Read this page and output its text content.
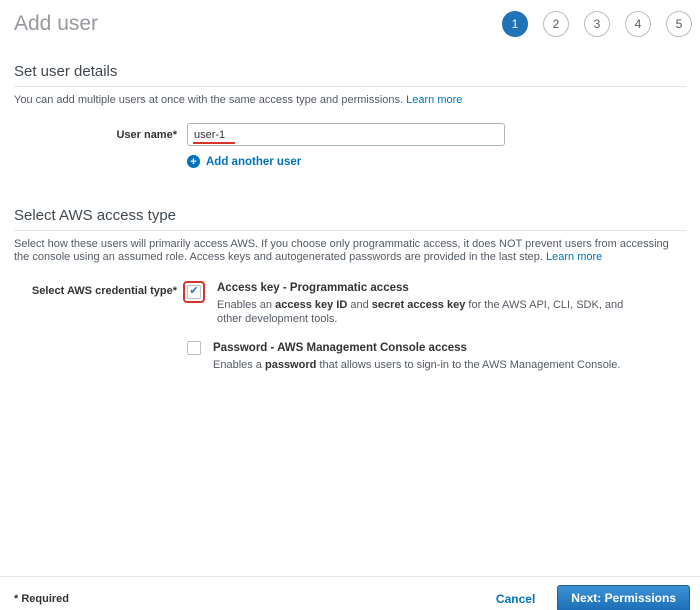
Add user	1	2	3	4	5
Set user details
You can add multiple users at once with the same access type and permissions. Learn more
User name*
user-1
+ Add another user
Select AWS access type
Select how these users will primarily access AWS. If you choose only programmatic access, it does NOT prevent users from accessing the console using an assumed role. Access keys and autogenerated passwords are provided in the last step. Learn more
Select AWS credential type* ✔ Access key - Programmatic access
Enables an access key ID and secret access key for the AWS API, CLI, SDK, and other development tools.
Password - AWS Management Console access
Enables a password that allows users to sign-in to the AWS Management Console.
* Required	Cancel	Next: Permissions
